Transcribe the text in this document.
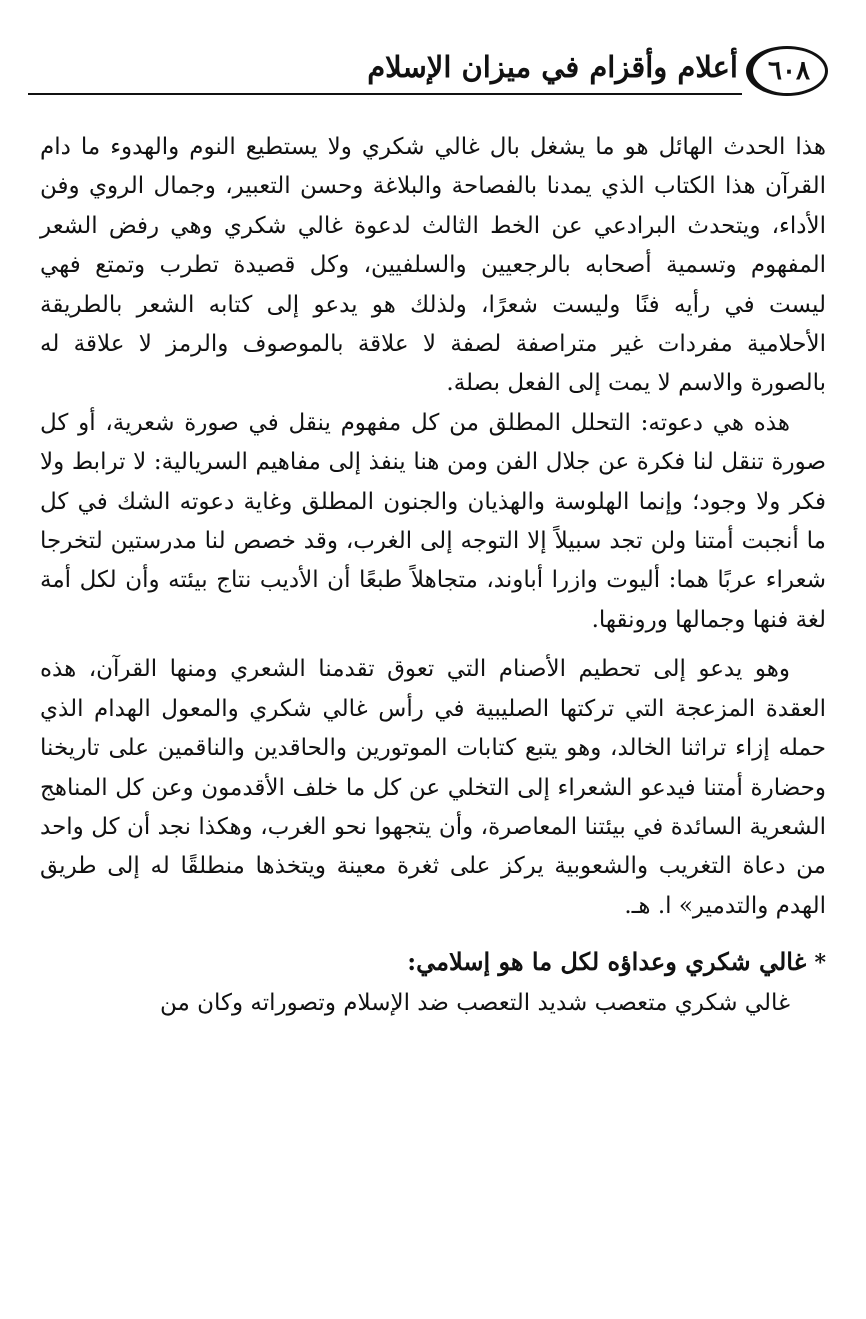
٦٠٨
أعلام وأقزام في ميزان الإسلام

هذا الحدث الهائل هو ما يشغل بال غالي شكري ولا يستطيع النوم والهدوء ما دام القرآن هذا الكتاب الذي يمدنا بالفصاحة والبلاغة وحسن التعبير، وجمال الروي وفن الأداء، ويتحدث البرادعي عن الخط الثالث لدعوة غالي شكري وهي رفض الشعر المفهوم وتسمية أصحابه بالرجعيين والسلفيين، وكل قصيدة تطرب وتمتع فهي ليست في رأيه فنًا وليست شعرًا، ولذلك هو يدعو إلى كتابه الشعر بالطريقة الأحلامية مفردات غير متراصفة لصفة لا علاقة بالموصوف والرمز لا علاقة له بالصورة والاسم لا يمت إلى الفعل بصلة.

هذه هي دعوته: التحلل المطلق من كل مفهوم ينقل في صورة شعرية، أو كل صورة تنقل لنا فكرة عن جلال الفن ومن هنا ينفذ إلى مفاهيم السريالية: لا ترابط ولا فكر ولا وجود؛ وإنما الهلوسة والهذيان والجنون المطلق وغاية دعوته الشك في كل ما أنجبت أمتنا ولن تجد سبيلاً إلا التوجه إلى الغرب، وقد خصص لنا مدرستين لتخرجا شعراء عربًا هما: أليوت وازرا أباوند، متجاهلاً طبعًا أن الأديب نتاج بيئته وأن لكل أمة لغة فنها وجمالها ورونقها.

وهو يدعو إلى تحطيم الأصنام التي تعوق تقدمنا الشعري ومنها القرآن، هذه العقدة المزعجة التي تركتها الصليبية في رأس غالي شكري والمعول الهدام الذي حمله إزاء تراثنا الخالد، وهو يتبع كتابات الموتورين والحاقدين والناقمين على تاريخنا وحضارة أمتنا فيدعو الشعراء إلى التخلي عن كل ما خلف الأقدمون وعن كل المناهج الشعرية السائدة في بيئتنا المعاصرة، وأن يتجهوا نحو الغرب، وهكذا نجد أن كل واحد من دعاة التغريب والشعوبية يركز على ثغرة معينة ويتخذها منطلقًا له إلى طريق الهدم والتدمير» ا. هـ.

* غالي شكري وعداؤه لكل ما هو إسلامي:

غالي شكري متعصب شديد التعصب ضد الإسلام وتصوراته وكان من
